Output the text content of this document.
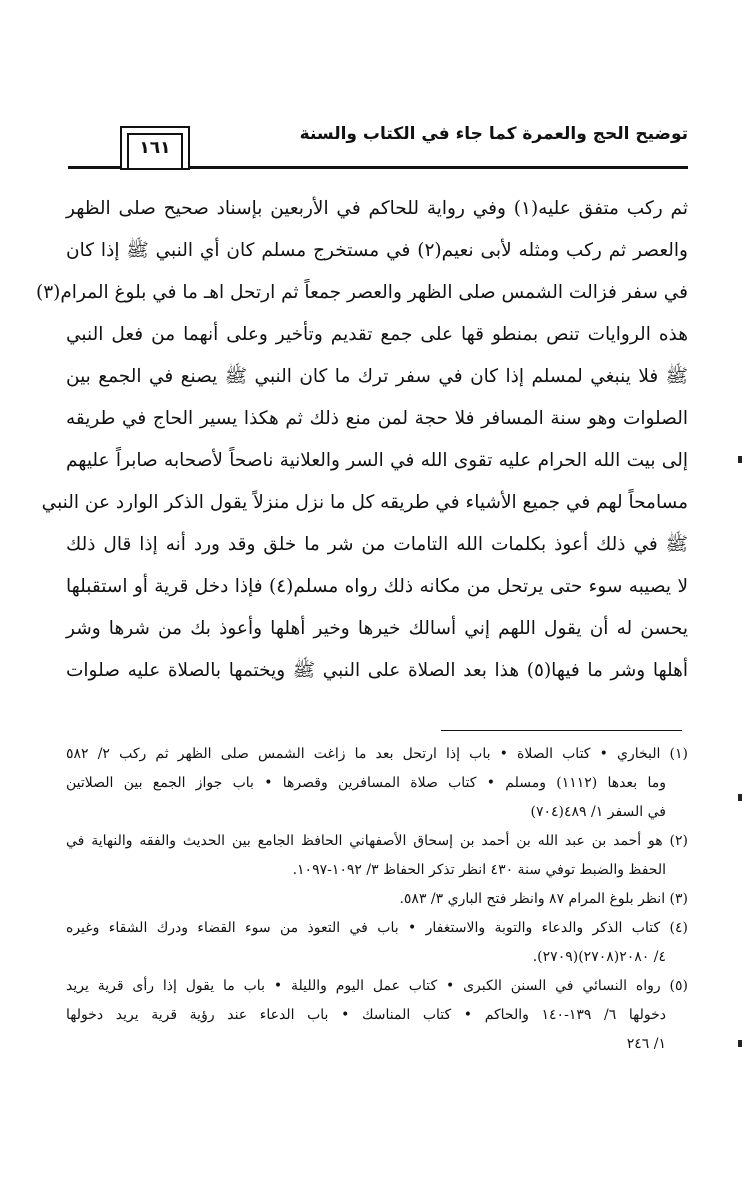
توضيح الحج والعمرة كما جاء في الكتاب والسنة
١٦١
ثم ركب متفق عليه(١) وفي رواية للحاكم في الأربعين بإسناد صحيح صلى الظهر
والعصر ثم ركب ومثله لأبى نعيم(٢) في مستخرج مسلم كان أي النبي ﷺ إذا كان
في سفر فزالت الشمس صلى الظهر والعصر جمعاً ثم ارتحل اهـ ما في بلوغ المرام(٣)
هذه الروايات تنص بمنطو قها على جمع تقديم وتأخير وعلى أنهما من فعل النبي
ﷺ فلا ينبغي لمسلم إذا كان في سفر ترك ما كان النبي ﷺ يصنع في الجمع بين
الصلوات وهو سنة المسافر فلا حجة لمن منع ذلك ثم هكذا يسير الحاج في طريقه
إلى بيت الله الحرام عليه تقوى الله في السر والعلانية ناصحاً لأصحابه صابراً عليهم
مسامحاً لهم في جميع الأشياء في طريقه كل ما نزل منزلاً يقول الذكر الوارد عن النبي
ﷺ في ذلك أعوذ بكلمات الله التامات من شر ما خلق وقد ورد أنه إذا قال ذلك
لا يصيبه سوء حتى يرتحل من مكانه ذلك رواه مسلم(٤) فإذا دخل قرية أو استقبلها
يحسن له أن يقول اللهم إني أسالك خيرها وخير أهلها وأعوذ بك من شرها وشر
أهلها وشر ما فيها(٥) هذا بعد الصلاة على النبي ﷺ ويختمها بالصلاة عليه صلوات
(١) البخاري • كتاب الصلاة • باب إذا ارتحل بعد ما زاغت الشمس صلى الظهر ثم ركب ٢/ ٥٨٢
وما بعدها (١١١٢) ومسلم • كتاب صلاة المسافرين وقصرها • باب جواز الجمع بين الصلاتين
في السفر ١/ ٤٨٩(٧٠٤)
(٢) هو أحمد بن عبد الله بن أحمد بن إسحاق الأصفهاني الحافظ الجامع بين الحديث والفقه والنهاية في
الحفظ والضبط توفي سنة ٤٣٠ انظر تذكر الحفاظ ٣/ ١٠٩٢-١٠٩٧.
(٣) انظر بلوغ المرام ٨٧ وانظر فتح الباري ٣/ ٥٨٣.
(٤) كتاب الذكر والدعاء والتوبة والاستغفار • باب في التعوذ من سوء القضاء ودرك الشقاء وغيره
٤/ ٢٠٨٠(٢٧٠٨)(٢٧٠٩).
(٥) رواه النسائي في السنن الكبرى • كتاب عمل اليوم والليلة • باب ما يقول إذا رأى قرية يريد
دخولها ٦/ ١٣٩-١٤٠ والحاكم • كتاب المناسك • باب الدعاء عند رؤية قرية يريد دخولها
١/ ٢٤٦
